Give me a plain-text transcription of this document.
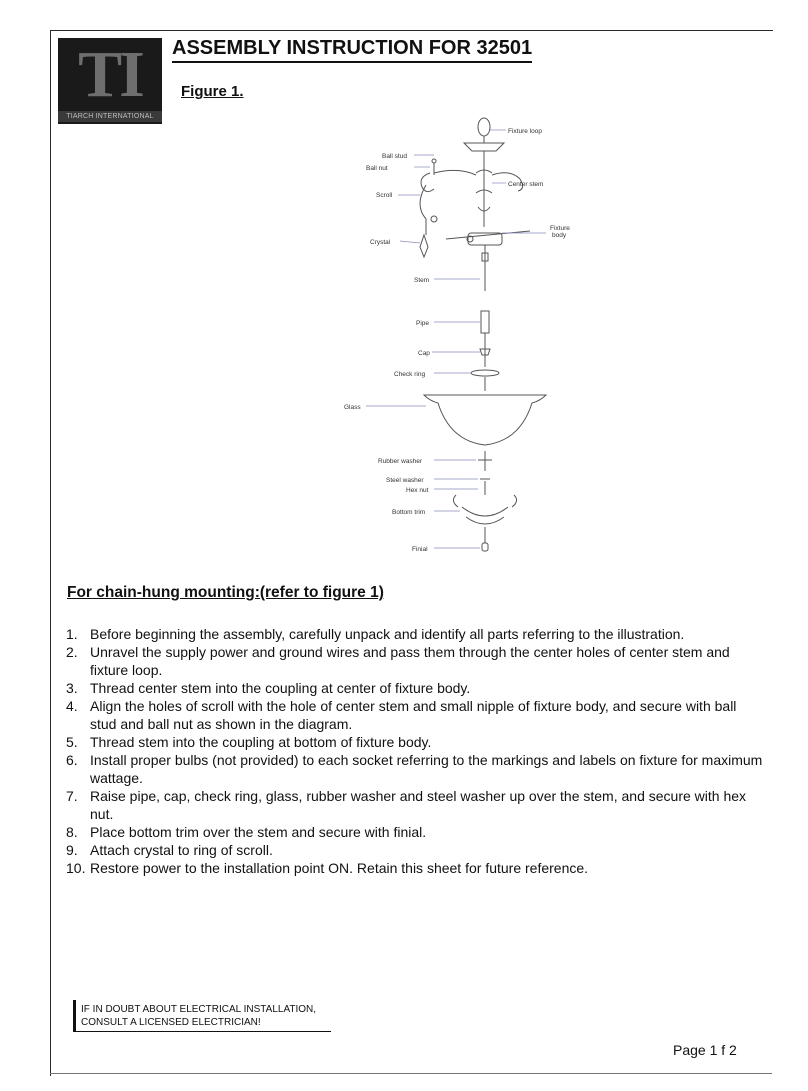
TI
TIARCH INTERNATIONAL
ASSEMBLY INSTRUCTION FOR 32501
Figure 1.
Fixture loop
Ball stud
Ball nut
Center stem
Scroll
Fixture
body
Crystal
Stem
Pipe
Cap
Check ring
Glass
Rubber washer
Steel washer
Hex nut
Bottom trim
Finial
For chain-hung mounting:(refer to figure 1)
1. Before beginning the assembly, carefully unpack and identify all parts referring to the illustration.
2. Unravel the supply power and ground wires and pass them through the center holes of center stem and fixture loop.
3. Thread center stem into the coupling at center of fixture body.
4. Align the holes of scroll with the hole of center stem and small nipple of fixture body, and secure with ball stud and ball nut as shown in the diagram.
5. Thread stem into the coupling at bottom of fixture body.
6. Install proper bulbs (not provided) to each socket referring to the markings and labels on fixture for maximum wattage.
7. Raise pipe, cap, check ring, glass, rubber washer and steel washer up over the stem, and secure with hex nut.
8. Place bottom trim over the stem and secure with finial.
9. Attach crystal to ring of scroll.
10. Restore power to the installation point ON. Retain this sheet for future reference.
IF IN DOUBT ABOUT ELECTRICAL INSTALLATION,
CONSULT A LICENSED ELECTRICIAN!
Page 1 f 2
